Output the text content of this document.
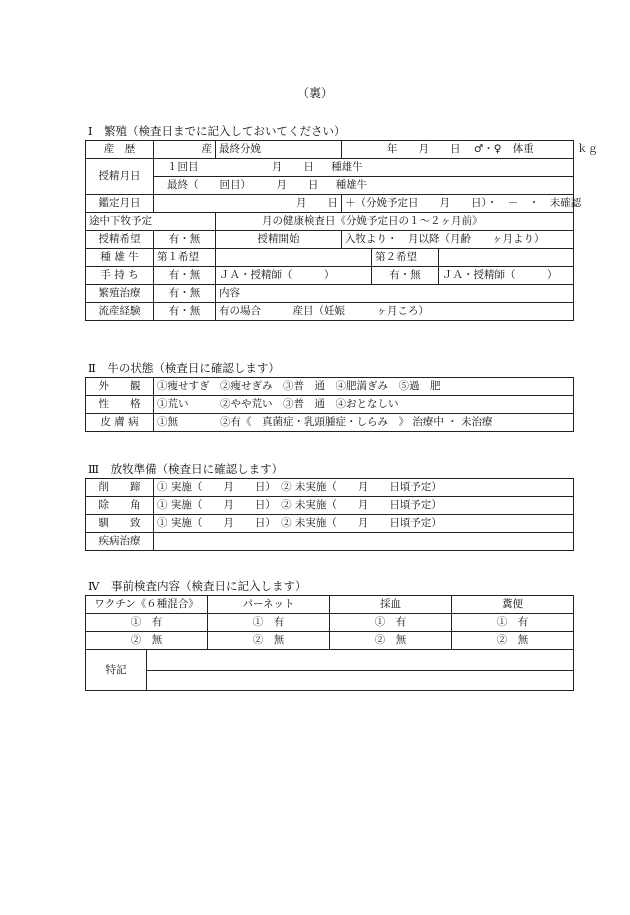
（裏）
Ⅰ　繁殖（検査日までに記入しておいてください）
産　歴	産	最終分娩	年　　月　　日 ♂・♀ 体重 ｋｇ		
授精月日	１回目 月　　日 種雄牛				
	最終（　　回目） 月　　日 種雄牛				
鑑定月日	月　　日		＋（分娩予定日　　月　　日）・　－　・　未確認		
途中下牧予定		月の健康検査日《分娩予定日の１～２ヶ月前》			
授精希望	有・無	授精開始	入牧より・　月以降（月齢　　ヶ月より）		
種 雄 牛	第１希望			第２希望	
手 持 ち	有・無	ＪＡ・授精師（　　　）		有・無	ＪＡ・授精師（　　　）
繁殖治療	有・無	内容			
流産経験	有・無	有の場合　　　産目（妊娠　　　ヶ月ころ）			
Ⅱ　牛の状態（検査日に確認します）
外　　観	①痩せすぎ　②痩せぎみ　③普　通　④肥満ぎみ　⑤過　肥
性　　格	①荒い　　　②やや荒い　③普　通　④おとなしい
皮 膚 病	①無　　　　②有《　真菌症・乳頭腫症・しらみ　》 治療中 ・ 未治療
Ⅲ　放牧準備（検査日に確認します）
削　　蹄	① 実施（　　月　　日）　② 未実施（　　月　　日頃予定）
除　　角	① 実施（　　月　　日）　② 未実施（　　月　　日頃予定）
馴　　致	① 実施（　　月　　日）　② 未実施（　　月　　日頃予定）
疾病治療	
Ⅳ　事前検査内容（検査日に記入します）
ワクチン《６種混合》		パーネット	採血	糞便
①　有		①　有	①　有	①　有
②　無		②　無	②　無	②　無
特記				
